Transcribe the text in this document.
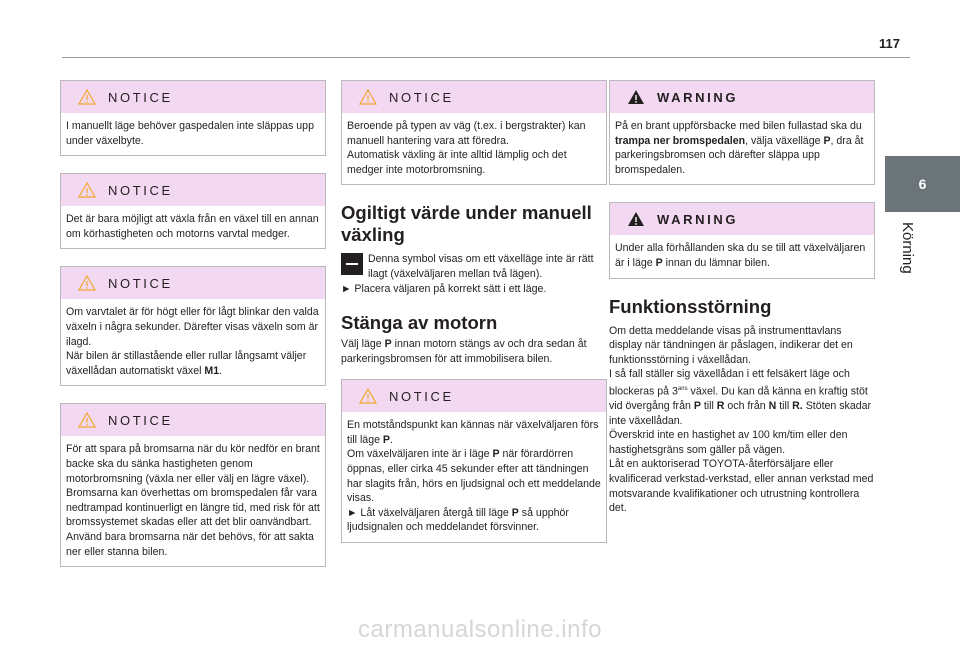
117
6
Körning
NOTICE

I manuellt läge behöver gaspedalen inte släppas upp under växelbyte.

NOTICE

Det är bara möjligt att växla från en växel till en annan om körhastigheten och motorns varvtal medger.

NOTICE

Om varvtalet är för högt eller för lågt blinkar den valda växeln i några sekunder. Därefter visas växeln som är ilagd.

När bilen är stillastående eller rullar långsamt väljer växellådan automatiskt växel M1.

NOTICE

För att spara på bromsarna när du kör nedför en brant backe ska du sänka hastigheten genom motorbromsning (växla ner eller välj en lägre växel).

Bromsarna kan överhettas om bromspedalen får vara nedtrampad kontinuerligt en längre tid, med risk för att bromssystemet skadas eller att det blir oanvändbart.

Använd bara bromsarna när det behövs, för att sakta ner eller stanna bilen.

NOTICE

Beroende på typen av väg (t.ex. i bergstrakter) kan manuell hantering vara att föredra.

Automatisk växling är inte alltid lämplig och det medger inte motorbromsning.

Ogiltigt värde under manuell växling

Denna symbol visas om ett växelläge inte är rätt ilagt (växelväljaren mellan två lägen).

► Placera väljaren på korrekt sätt i ett läge.

Stänga av motorn

Välj läge P innan motorn stängs av och dra sedan åt parkeringsbromsen för att immobilisera bilen.

NOTICE

En motståndspunkt kan kännas när växelväljaren förs till läge P.

Om växelväljaren inte är i läge P när förardörren öppnas, eller cirka 45 sekunder efter att tändningen har slagits från, hörs en ljudsignal och ett meddelande visas.

► Låt växelväljaren återgå till läge P så upphör ljudsignalen och meddelandet försvinner.

WARNING

På en brant uppförsbacke med bilen fullastad ska du trampa ner bromspedalen, välja växelläge P, dra åt parkeringsbromsen och därefter släppa upp bromspedalen.

WARNING

Under alla förhållanden ska du se till att växelväljaren är i läge P innan du lämnar bilen.

Funktionsstörning

Om detta meddelande visas på instrumenttavlans display när tändningen är påslagen, indikerar det en funktionsstörning i växellådan.

I så fall ställer sig växellådan i ett felsäkert läge och blockeras på $3^{ans}$ växel. Du kan då känna en kraftig stöt vid övergång från P till R och från N till R. Stöten skadar inte växellådan.

Överskrid inte en hastighet av 100 km/tim eller den hastighetsgräns som gäller på vägen.

Låt en auktoriserad TOYOTA-återförsäljare eller kvalificerad verkstad-verkstad, eller annan verkstad med motsvarande kvalifikationer och utrustning kontrollera det.

carmanualsonline.info
